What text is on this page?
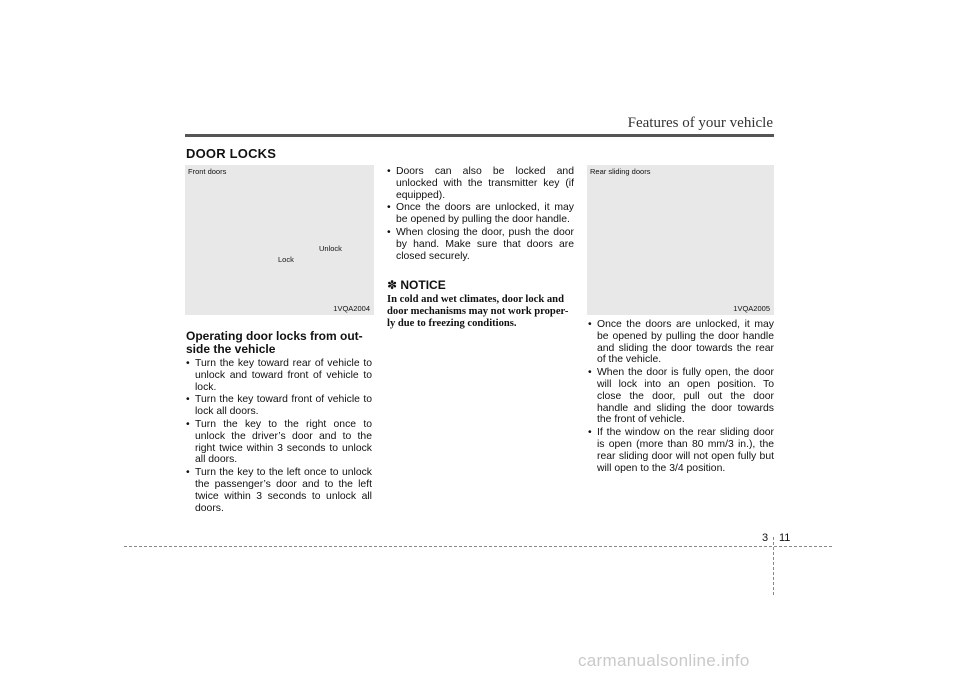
Features of your vehicle
DOOR LOCKS
Front doors
Unlock
Lock
1VQA2004
Rear sliding doors
1VQA2005
Operating door locks from out-side the vehicle
• Turn the key toward rear of vehicle to unlock and toward front of vehicle to lock.
• Turn the key toward front of vehicle to lock all doors.
• Turn the key to the right once to unlock the driver’s door and to the right twice within 3 seconds to unlock all doors.
• Turn the key to the left once to unlock the passenger’s door and to the left twice within 3 seconds to unlock all doors.
• Doors can also be locked and unlocked with the transmitter key (if equipped).
• Once the doors are unlocked, it may be opened by pulling the door handle.
• When closing the door, push the door by hand. Make sure that doors are closed securely.
✽ NOTICE
In cold and wet climates, door lock and door mechanisms may not work proper-ly due to freezing conditions.
•	Once the doors are unlocked, it may be opened by pulling the door handle and sliding the door towards the rear of the vehicle.
• When the door is fully open, the door will lock into an open position. To close the door, pull out the door handle and sliding the door towards the front of vehicle.
• If the window on the rear sliding door is open (more than 80 mm/3 in.), the rear sliding door will not open fully but will open to the 3/4 position.
3 11
carmanualsonline.info
